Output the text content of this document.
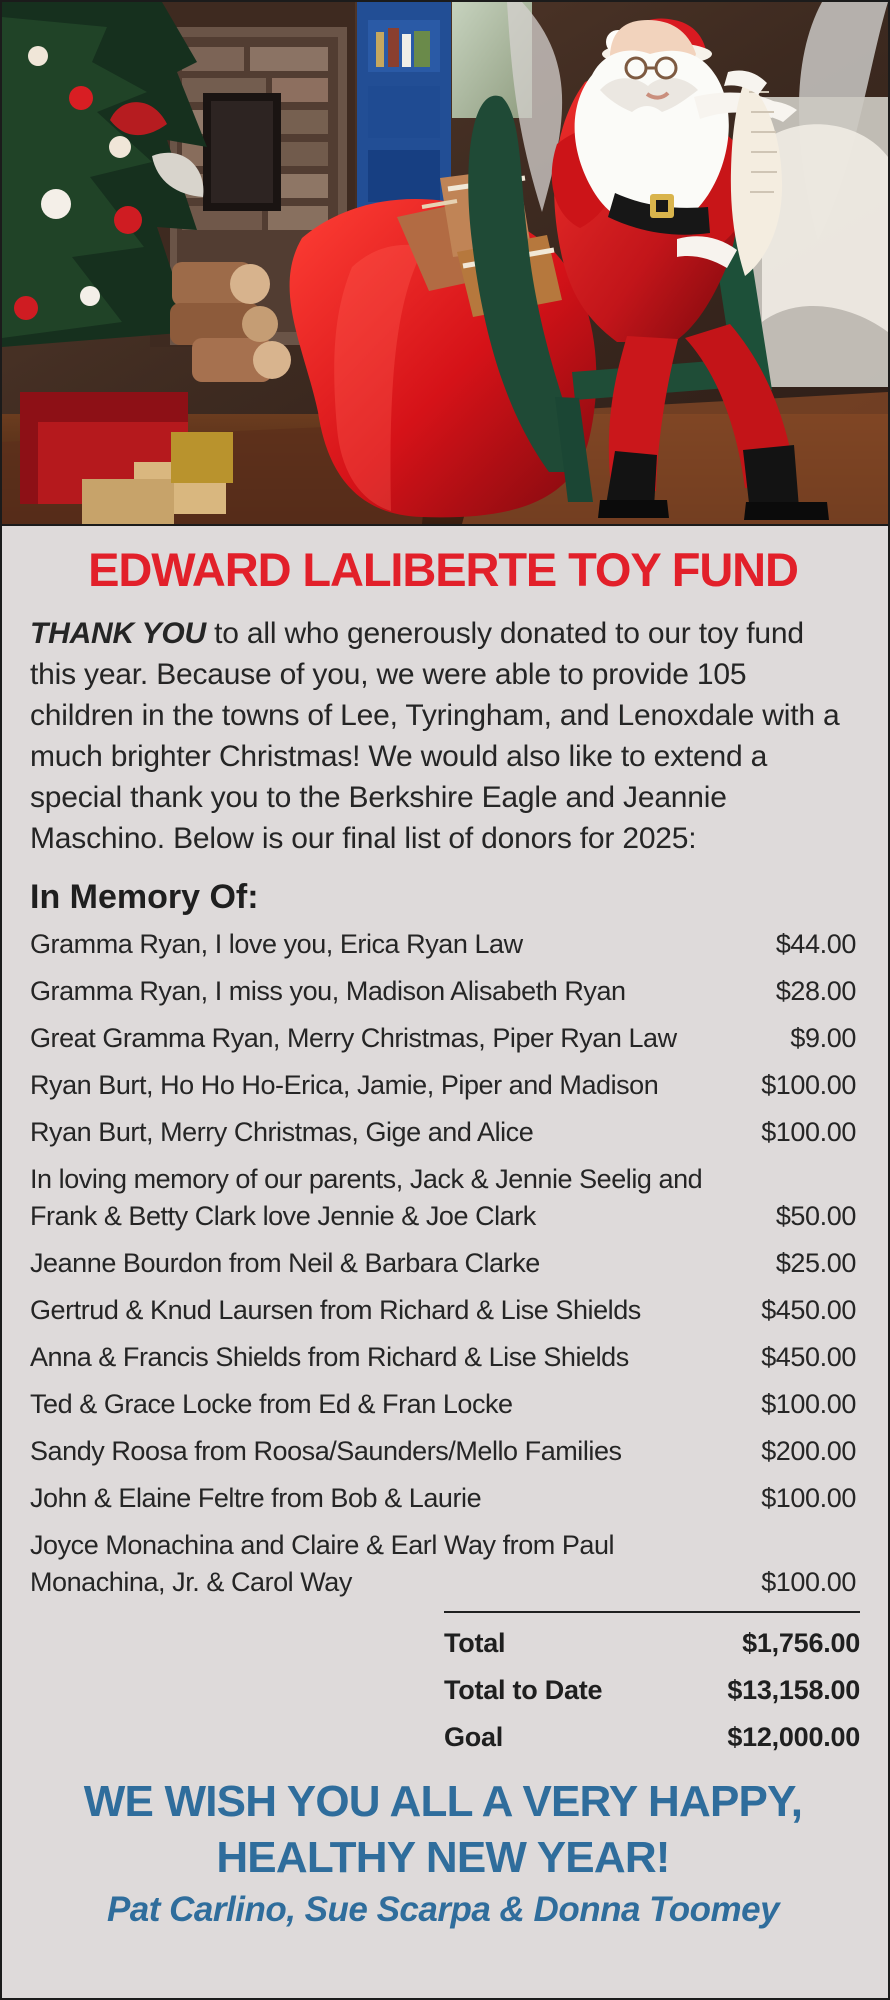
EDWARD LALIBERTE TOY FUND

THANK YOU to all who generously donated to our toy fund this year. Because of you, we were able to provide 105 children in the towns of Lee, Tyringham, and Lenoxdale with a much brighter Christmas! We would also like to extend a special thank you to the Berkshire Eagle and Jeannie Maschino. Below is our final list of donors for 2025:

In Memory Of:
Gramma Ryan, I love you, Erica Ryan Law	$44.00
Gramma Ryan, I miss you, Madison Alisabeth Ryan	$28.00
Great Gramma Ryan, Merry Christmas, Piper Ryan Law	$9.00
Ryan Burt, Ho Ho Ho-Erica, Jamie, Piper and Madison	$100.00
Ryan Burt, Merry Christmas, Gige and Alice	$100.00
In loving memory of our parents, Jack & Jennie Seelig and Frank & Betty Clark love Jennie & Joe Clark	$50.00
Jeanne Bourdon from Neil & Barbara Clarke	$25.00
Gertrud & Knud Laursen from Richard & Lise Shields	$450.00
Anna & Francis Shields from Richard & Lise Shields	$450.00
Ted & Grace Locke from Ed & Fran Locke	$100.00
Sandy Roosa from Roosa/Saunders/Mello Families	$200.00
John & Elaine Feltre from Bob & Laurie	$100.00
Joyce Monachina and Claire & Earl Way from Paul Monachina, Jr. & Carol Way	$100.00
Total	$1,756.00
Total to Date	$13,158.00
Goal	$12,000.00
WE WISH YOU ALL A VERY HAPPY,
HEALTHY NEW YEAR!
Pat Carlino, Sue Scarpa & Donna Toomey
